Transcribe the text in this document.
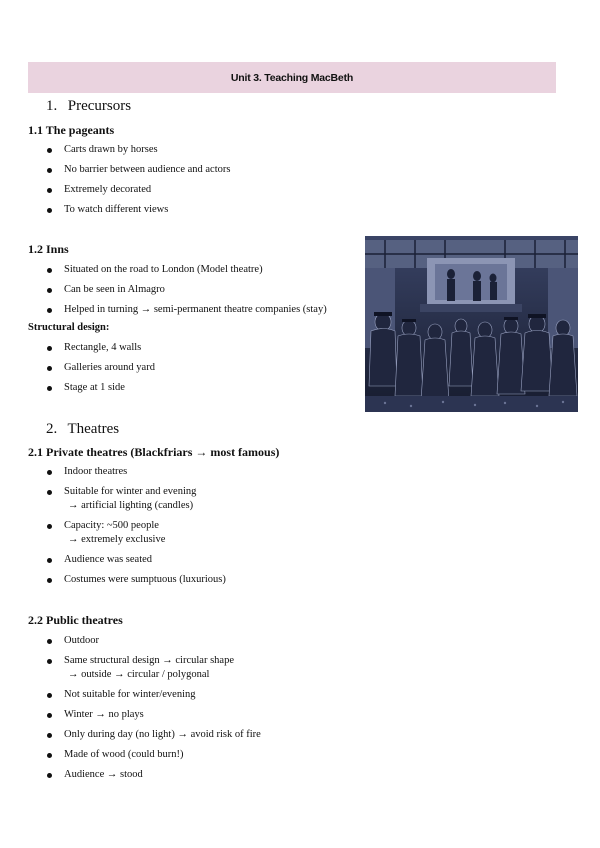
Unit 3. Teaching MacBeth
1. Precursors
1.1 The pageants
Carts drawn by horses
No barrier between audience and actors
Extremely decorated
To watch different views
1.2 Inns
Situated on the road to London (Model theatre)
Can be seen in Almagro
Helped in turning → semi-permanent theatre companies (stay)
Structural design:
Rectangle, 4 walls
Galleries around yard
Stage at 1 side
2. Theatres
2.1 Private theatres (Blackfriars → most famous)
Indoor theatres
Suitable for winter and evening
→ artificial lighting (candles)
Capacity: ~500 people
→ extremely exclusive
Audience was seated
Costumes were sumptuous (luxurious)
2.2 Public theatres
Outdoor
Same structural design → circular shape
→ outside → circular / polygonal
Not suitable for winter/evening
Winter → no plays
Only during day (no light) → avoid risk of fire
Made of wood (could burn!)
Audience → stood
